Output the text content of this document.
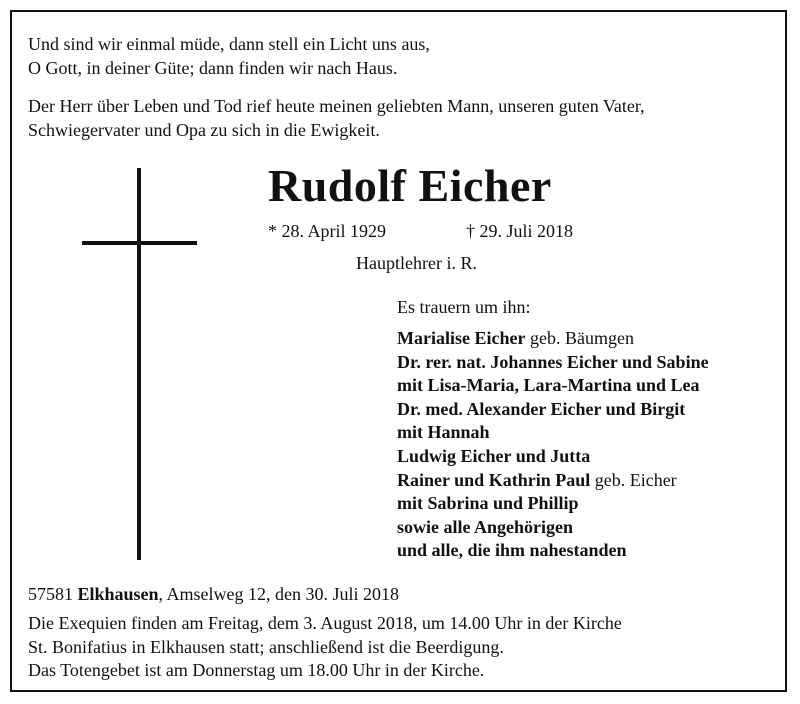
Und sind wir einmal müde, dann stell ein Licht uns aus,
O Gott, in deiner Güte; dann finden wir nach Haus.
Der Herr über Leben und Tod rief heute meinen geliebten Mann, unseren guten Vater,
Schwiegervater und Opa zu sich in die Ewigkeit.
Rudolf Eicher
* 28. April 1929	† 29. Juli 2018
Hauptlehrer i. R.
Es trauern um ihn:
Marialise Eicher geb. Bäumgen
Dr. rer. nat. Johannes Eicher und Sabine
mit Lisa-Maria, Lara-Martina und Lea
Dr. med. Alexander Eicher und Birgit
mit Hannah
Ludwig Eicher und Jutta
Rainer und Kathrin Paul geb. Eicher
mit Sabrina und Phillip
sowie alle Angehörigen
und alle, die ihm nahestanden
57581 Elkhausen, Amselweg 12, den 30. Juli 2018
Die Exequien finden am Freitag, dem 3. August 2018, um 14.00 Uhr in der Kirche
St. Bonifatius in Elkhausen statt; anschließend ist die Beerdigung.
Das Totengebet ist am Donnerstag um 18.00 Uhr in der Kirche.
